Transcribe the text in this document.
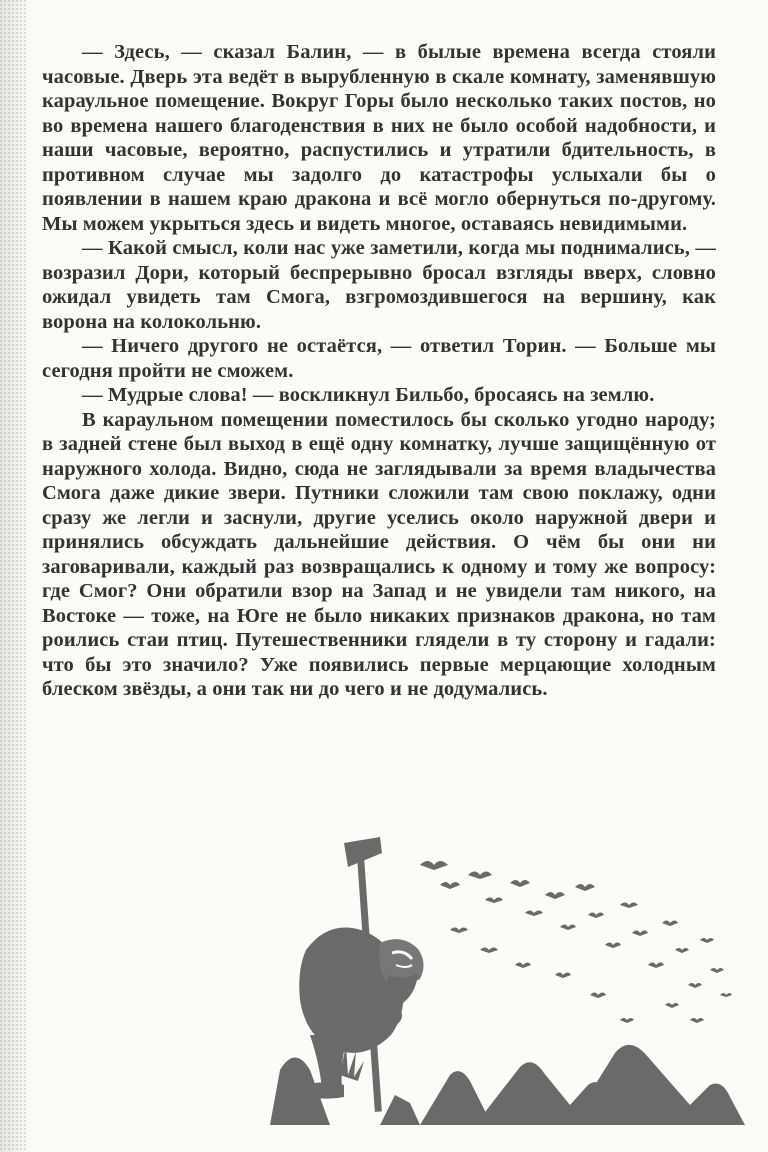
— Здесь, — сказал Балин, — в былые времена всегда стояли часовые. Дверь эта ведёт в вырубленную в скале комнату, заменявшую караульное помещение. Вокруг Горы было несколько таких постов, но во времена нашего благоденствия в них не было особой надобности, и наши часовые, вероятно, распустились и утратили бдительность, в противном случае мы задолго до катастрофы услыхали бы о появлении в нашем краю дракона и всё могло обернуться по-другому. Мы можем укрыться здесь и видеть многое, оставаясь невидимыми.

— Какой смысл, коли нас уже заметили, когда мы поднимались, — возразил Дори, который беспрерывно бросал взгляды вверх, словно ожидал увидеть там Смога, взгромоздившегося на вершину, как ворона на колокольню.

— Ничего другого не остаётся, — ответил Торин. — Больше мы сегодня пройти не сможем.

— Мудрые слова! — воскликнул Бильбо, бросаясь на землю.

В караульном помещении поместилось бы сколько угодно народу; в задней стене был выход в ещё одну комнатку, лучше защищённую от наружного холода. Видно, сюда не заглядывали за время владычества Смога даже дикие звери. Путники сложили там свою поклажу, одни сразу же легли и заснули, другие уселись около наружной двери и принялись обсуждать дальнейшие действия. О чём бы они ни заговаривали, каждый раз возвращались к одному и тому же вопросу: где Смог? Они обратили взор на Запад и не увидели там никого, на Востоке — тоже, на Юге не было никаких признаков дракона, но там роились стаи птиц. Путешественники глядели в ту сторону и гадали: что бы это значило? Уже появились первые мерцающие холодным блеском звёзды, а они так ни до чего и не додумались.
